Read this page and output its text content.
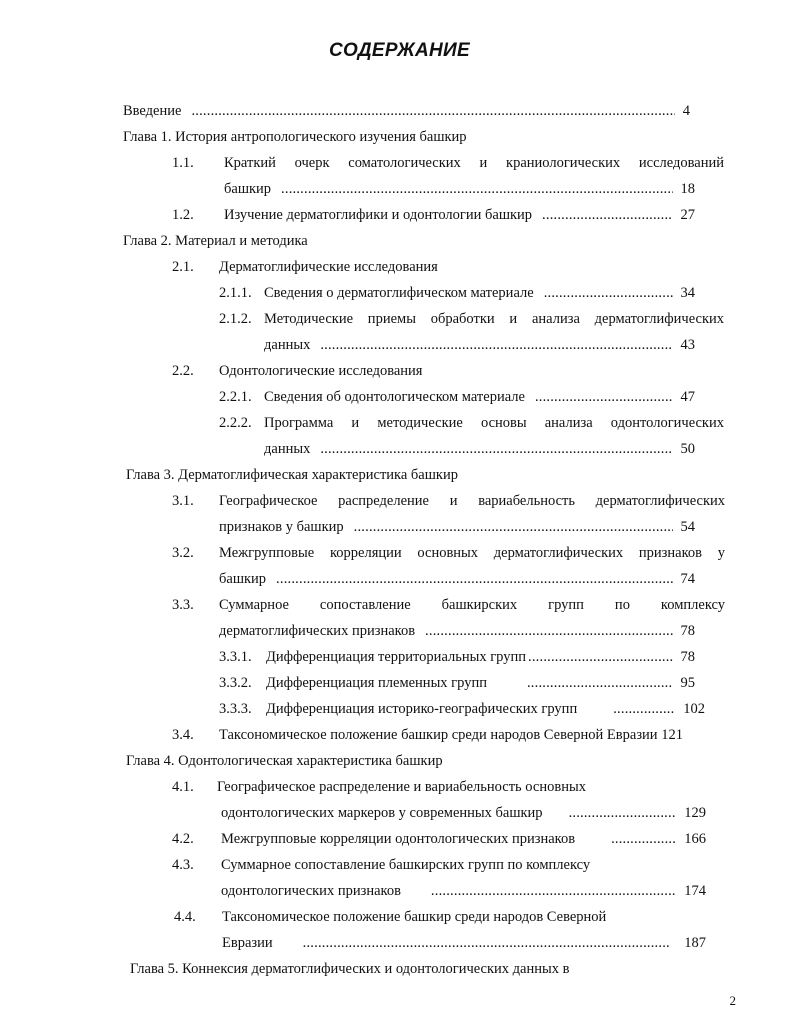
СОДЕРЖАНИЕ
Введение .....	4
Глава 1. История антропологического изучения башкир
1.1. Краткий очерк соматологических и краниологических исследований
башкир .....	18
1.2. Изучение дерматоглифики и одонтологии башкир .....	27
Глава 2. Материал и методика
2.1. Дерматоглифические исследования
2.1.1. Сведения о дерматоглифическом материале .....	34
2.1.2. Методические приемы обработки и анализа дерматоглифических
данных .....	43
2.2. Одонтологические исследования
2.2.1. Сведения об одонтологическом материале .....	47
2.2.2. Программа и методические основы анализа одонтологических
данных .....	50
Глава 3. Дерматоглифическая характеристика башкир
3.1. Географическое распределение и вариабельность дерматоглифических
признаков у башкир .....	54
3.2. Межгрупповые корреляции основных дерматоглифических признаков у
башкир .....	74
3.3. Суммарное сопоставление башкирских групп по комплексу
дерматоглифических признаков .....	78
3.3.1. Дифференциация территориальных групп .....	78
3.3.2. Дифференциация племенных групп .....	95
3.3.3. Дифференциация историко-географических групп .....	102
3.4. Таксономическое положение башкир среди народов Северной Евразии 121
Глава 4. Одонтологическая характеристика башкир
4.1. Географическое распределение и вариабельность основных
одонтологических маркеров у современных башкир .....	129
4.2. Межгрупповые корреляции одонтологических признаков .....	166
4.3. Суммарное сопоставление башкирских групп по комплексу
одонтологических признаков .....	174
4.4. Таксономическое положение башкир среди народов Северной
Евразии .....	187
Глава 5. Коннексия дерматоглифических и одонтологических данных в
2
